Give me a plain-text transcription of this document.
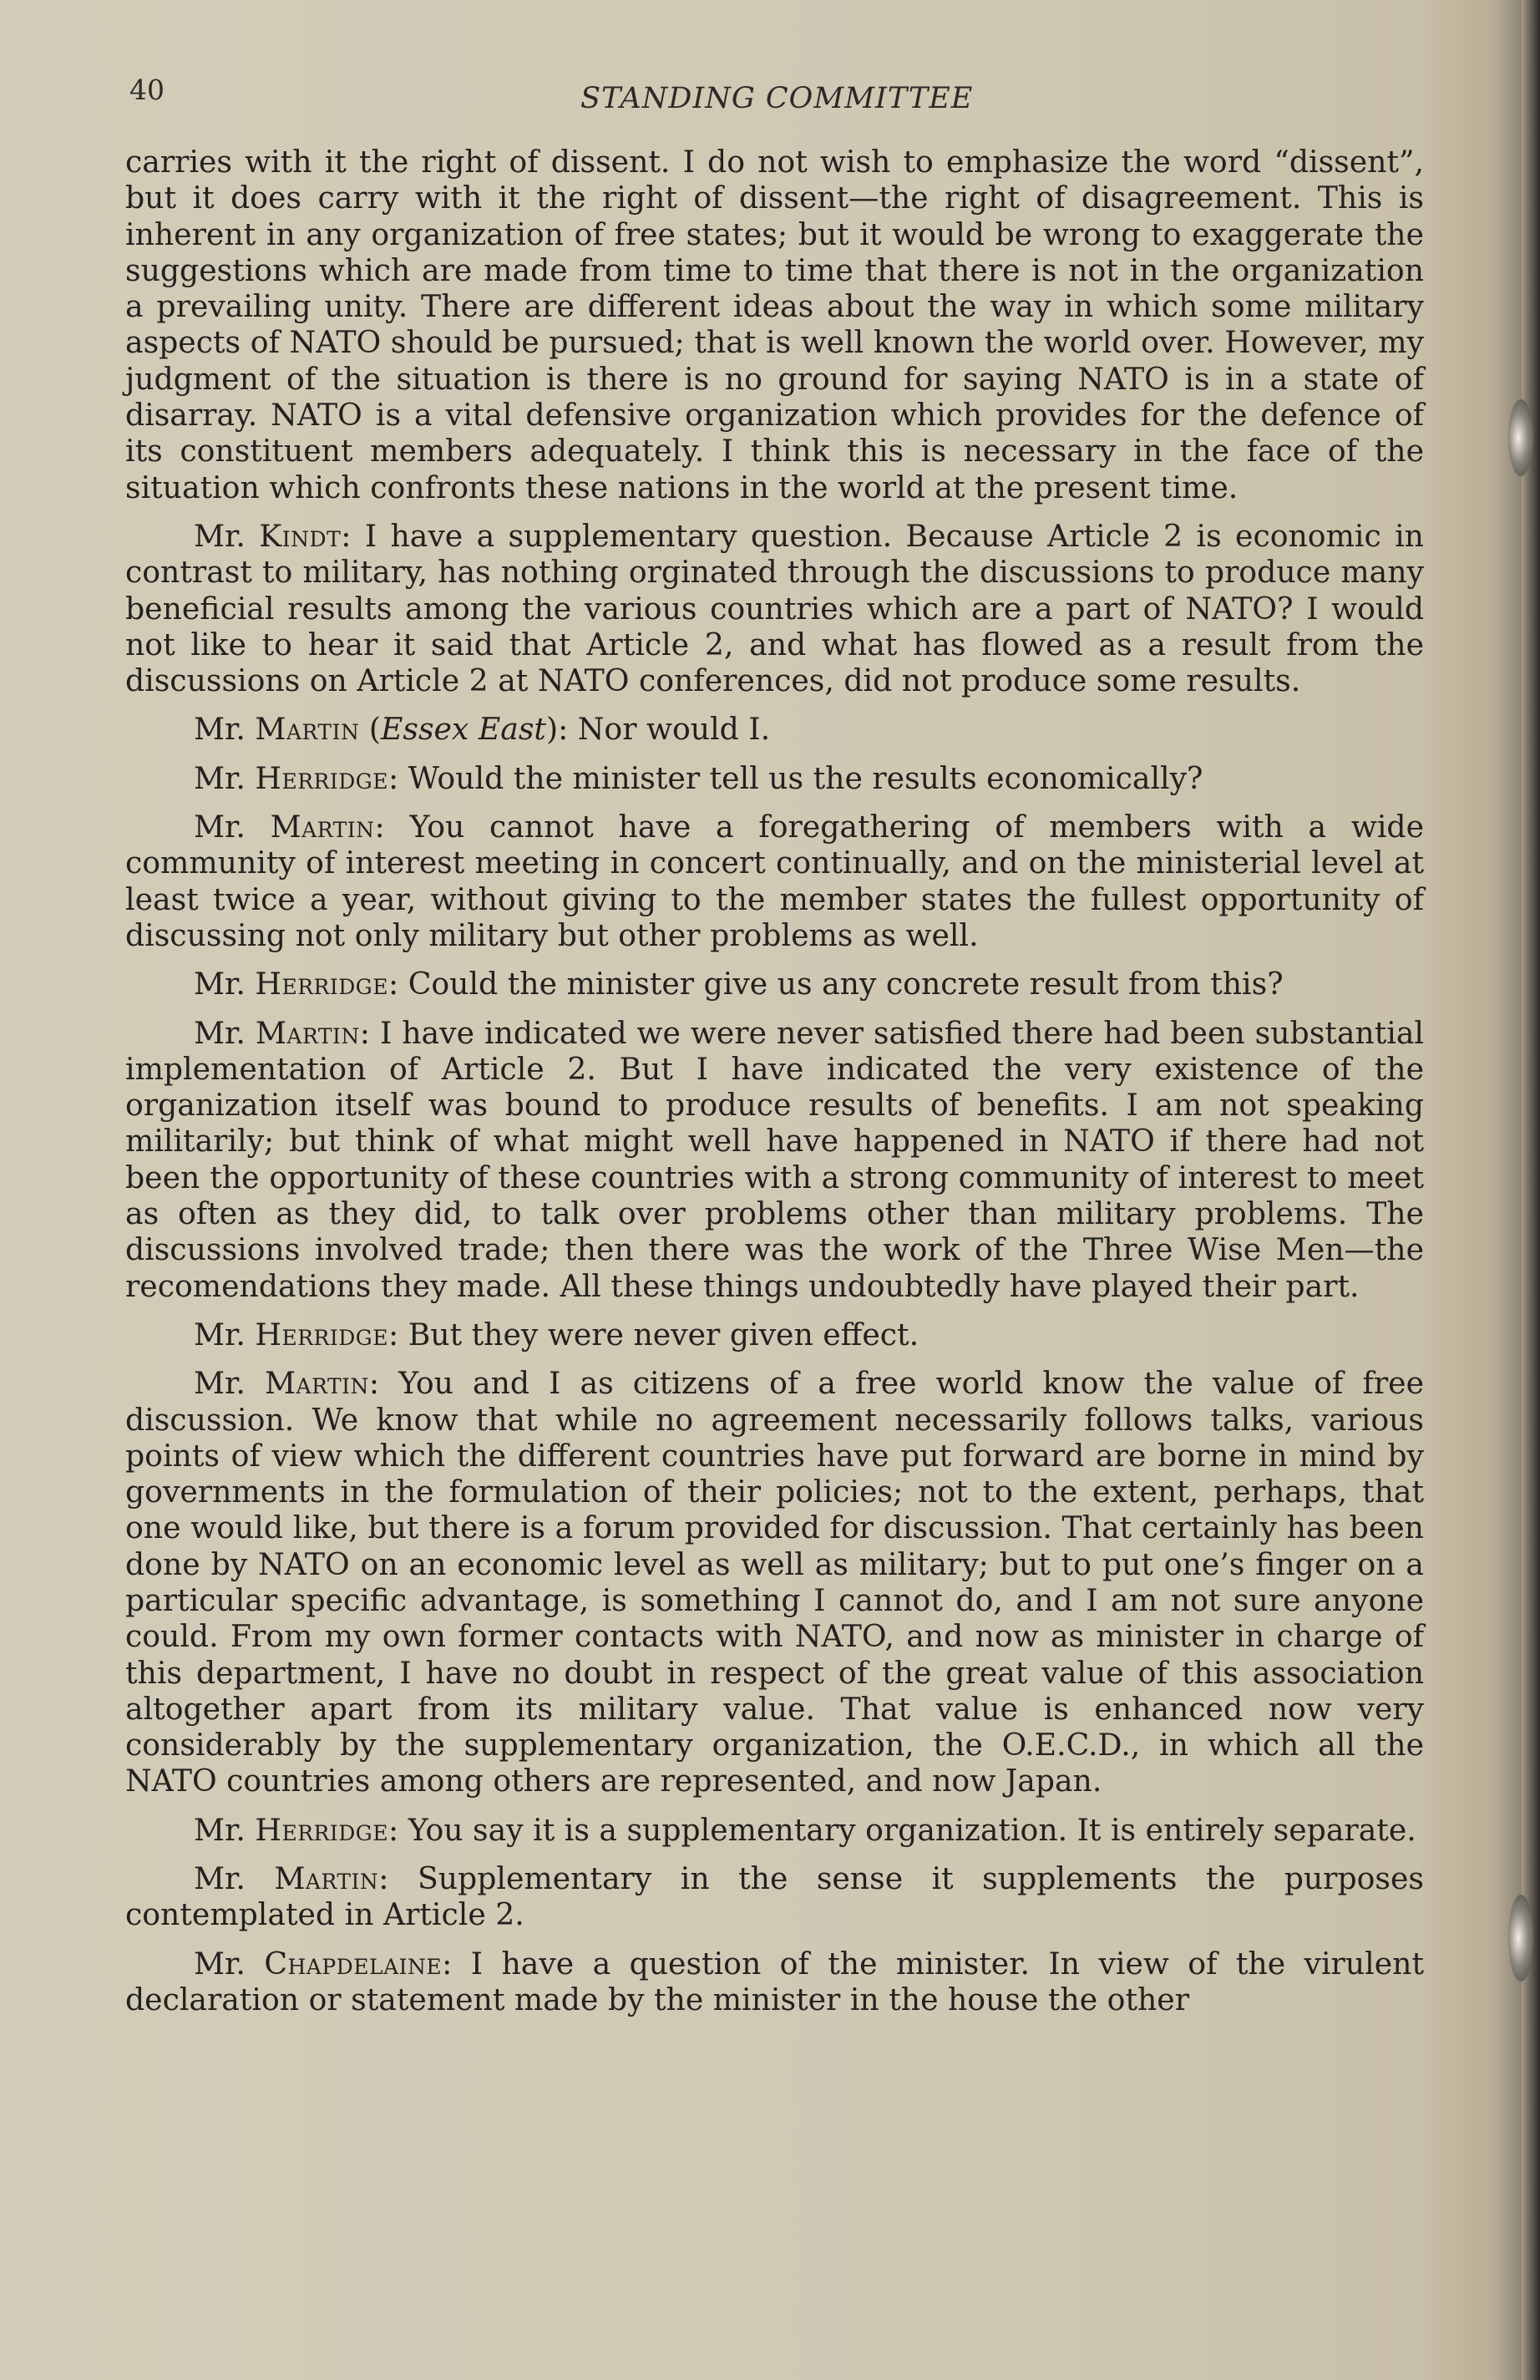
40	STANDING COMMITTEE

carries with it the right of dissent. I do not wish to emphasize the word “dissent”, but it does carry with it the right of dissent—the right of disagreement. This is inherent in any organization of free states; but it would be wrong to exaggerate the suggestions which are made from time to time that there is not in the organization a prevailing unity. There are different ideas about the way in which some military aspects of NATO should be pursued; that is well known the world over. However, my judgment of the situation is there is no ground for saying NATO is in a state of disarray. NATO is a vital defensive organization which provides for the defence of its constituent members adequately. I think this is necessary in the face of the situation which confronts these nations in the world at the present time.

Mr. Kindt: I have a supplementary question. Because Article 2 is economic in contrast to military, has nothing orginated through the discussions to produce many beneficial results among the various countries which are a part of NATO? I would not like to hear it said that Article 2, and what has flowed as a result from the discussions on Article 2 at NATO conferences, did not produce some results.

Mr. Martin (Essex East): Nor would I.

Mr. Herridge: Would the minister tell us the results economically?

Mr. Martin: You cannot have a foregathering of members with a wide community of interest meeting in concert continually, and on the ministerial level at least twice a year, without giving to the member states the fullest opportunity of discussing not only military but other problems as well.

Mr. Herridge: Could the minister give us any concrete result from this?

Mr. Martin: I have indicated we were never satisfied there had been substantial implementation of Article 2. But I have indicated the very existence of the organization itself was bound to produce results of benefits. I am not speaking militarily; but think of what might well have happened in NATO if there had not been the opportunity of these countries with a strong community of interest to meet as often as they did, to talk over problems other than military problems. The discussions involved trade; then there was the work of the Three Wise Men—the recomendations they made. All these things undoubtedly have played their part.

Mr. Herridge: But they were never given effect.

Mr. Martin: You and I as citizens of a free world know the value of free discussion. We know that while no agreement necessarily follows talks, various points of view which the different countries have put forward are borne in mind by governments in the formulation of their policies; not to the extent, perhaps, that one would like, but there is a forum provided for discussion. That certainly has been done by NATO on an economic level as well as military; but to put one’s finger on a particular specific advantage, is something I cannot do, and I am not sure anyone could. From my own former contacts with NATO, and now as minister in charge of this department, I have no doubt in respect of the great value of this association altogether apart from its military value. That value is enhanced now very considerably by the supplementary organization, the O.E.C.D., in which all the NATO countries among others are represented, and now Japan.

Mr. Herridge: You say it is a supplementary organization. It is entirely separate.

Mr. Martin: Supplementary in the sense it supplements the purposes contemplated in Article 2.

Mr. Chapdelaine: I have a question of the minister. In view of the virulent declaration or statement made by the minister in the house the other
